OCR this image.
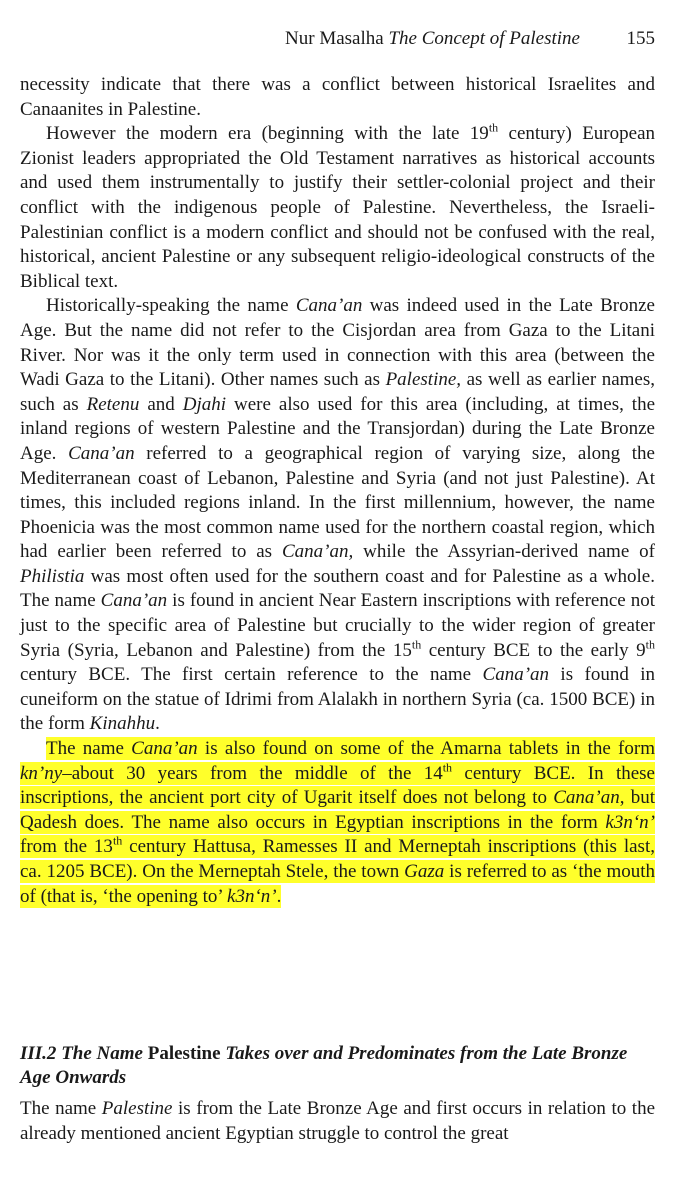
Nur Masalha The Concept of Palestine 155

necessity indicate that there was a conflict between historical Israelites and Canaanites in Palestine.

However the modern era (beginning with the late 19th century) European Zionist leaders appropriated the Old Testament narratives as historical accounts and used them instrumentally to justify their settler-colonial project and their conflict with the indigenous people of Palestine. Nevertheless, the Israeli-Palestinian conflict is a modern conflict and should not be confused with the real, historical, ancient Palestine or any subsequent religio-ideological constructs of the Biblical text.

Historically-speaking the name Cana’an was indeed used in the Late Bronze Age. But the name did not refer to the Cisjordan area from Gaza to the Litani River. Nor was it the only term used in connection with this area (between the Wadi Gaza to the Litani). Other names such as Palestine, as well as earlier names, such as Retenu and Djahi were also used for this area (including, at times, the inland regions of western Palestine and the Transjordan) during the Late Bronze Age. Cana’an referred to a geographical region of varying size, along the Mediterranean coast of Lebanon, Palestine and Syria (and not just Palestine). At times, this included regions inland. In the first millennium, however, the name Phoenicia was the most common name used for the northern coastal region, which had earlier been referred to as Cana’an, while the Assyrian-derived name of Philistia was most often used for the southern coast and for Palestine as a whole. The name Cana’an is found in ancient Near Eastern inscriptions with reference not just to the specific area of Palestine but crucially to the wider region of greater Syria (Syria, Lebanon and Palestine) from the 15th century BCE to the early 9th century BCE. The first certain reference to the name Cana’an is found in cuneiform on the statue of Idrimi from Alalakh in northern Syria (ca. 1500 BCE) in the form Kinahhu.

The name Cana’an is also found on some of the Amarna tablets in the form kn’ny–about 30 years from the middle of the 14th century BCE. In these inscriptions, the ancient port city of Ugarit itself does not belong to Cana’an, but Qadesh does. The name also occurs in Egyptian inscriptions in the form k3n‘n’ from the 13th century Hattusa, Ramesses II and Merneptah inscriptions (this last, ca. 1205 BCE). On the Merneptah Stele, the town Gaza is referred to as ‘the mouth of (that is, ‘the opening to’ k3n‘n’.

III.2 The Name Palestine Takes over and Predominates from the Late Bronze Age Onwards

The name Palestine is from the Late Bronze Age and first occurs in relation to the already mentioned ancient Egyptian struggle to control the great
